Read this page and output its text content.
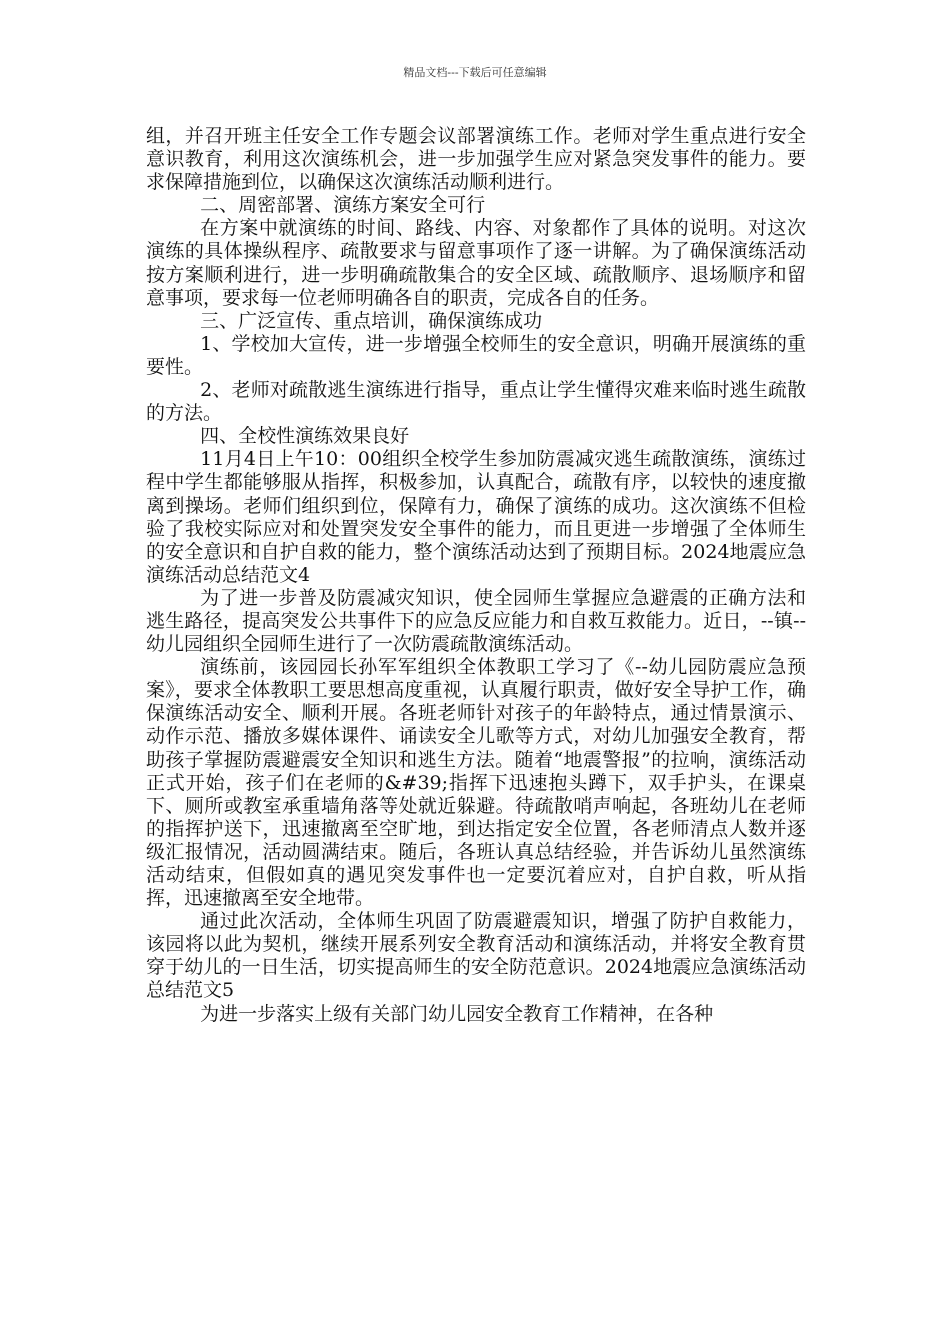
精品文档---下载后可任意编辑

组，并召开班主任安全工作专题会议部署演练工作。老师对学生重点进行安全意识教育，利用这次演练机会，进一步加强学生应对紧急突发事件的能力。要求保障措施到位，以确保这次演练活动顺利进行。

二、周密部署、演练方案安全可行

在方案中就演练的时间、路线、内容、对象都作了具体的说明。对这次演练的具体操纵程序、疏散要求与留意事项作了逐一讲解。为了确保演练活动按方案顺利进行，进一步明确疏散集合的安全区域、疏散顺序、退场顺序和留意事项，要求每一位老师明确各自的职责，完成各自的任务。

三、广泛宣传、重点培训，确保演练成功

1、学校加大宣传，进一步增强全校师生的安全意识，明确开展演练的重要性。

2、老师对疏散逃生演练进行指导，重点让学生懂得灾难来临时逃生疏散的方法。

四、全校性演练效果良好

11月4日上午10：00组织全校学生参加防震减灾逃生疏散演练，演练过程中学生都能够服从指挥，积极参加，认真配合，疏散有序，以较快的速度撤离到操场。老师们组织到位，保障有力，确保了演练的成功。这次演练不但检验了我校实际应对和处置突发安全事件的能力，而且更进一步增强了全体师生的安全意识和自护自救的能力，整个演练活动达到了预期目标。2024地震应急演练活动总结范文4

为了进一步普及防震减灾知识，使全园师生掌握应急避震的正确方法和逃生路径，提高突发公共事件下的应急反应能力和自救互救能力。近日，--镇--幼儿园组织全园师生进行了一次防震疏散演练活动。

演练前，该园园长孙军军组织全体教职工学习了《--幼儿园防震应急预案》，要求全体教职工要思想高度重视，认真履行职责，做好安全导护工作，确保演练活动安全、顺利开展。各班老师针对孩子的年龄特点，通过情景演示、动作示范、播放多媒体课件、诵读安全儿歌等方式，对幼儿加强安全教育，帮助孩子掌握防震避震安全知识和逃生方法。随着“地震警报”的拉响，演练活动正式开始，孩子们在老师的&#39;指挥下迅速抱头蹲下，双手护头，在课桌下、厕所或教室承重墙角落等处就近躲避。待疏散哨声响起，各班幼儿在老师的指挥护送下，迅速撤离至空旷地，到达指定安全位置，各老师清点人数并逐级汇报情况，活动圆满结束。随后，各班认真总结经验，并告诉幼儿虽然演练活动结束，但假如真的遇见突发事件也一定要沉着应对，自护自救，听从指挥，迅速撤离至安全地带。

通过此次活动，全体师生巩固了防震避震知识，增强了防护自救能力，该园将以此为契机，继续开展系列安全教育活动和演练活动，并将安全教育贯穿于幼儿的一日生活，切实提高师生的安全防范意识。2024地震应急演练活动总结范文5

为进一步落实上级有关部门幼儿园安全教育工作精神，在各种
